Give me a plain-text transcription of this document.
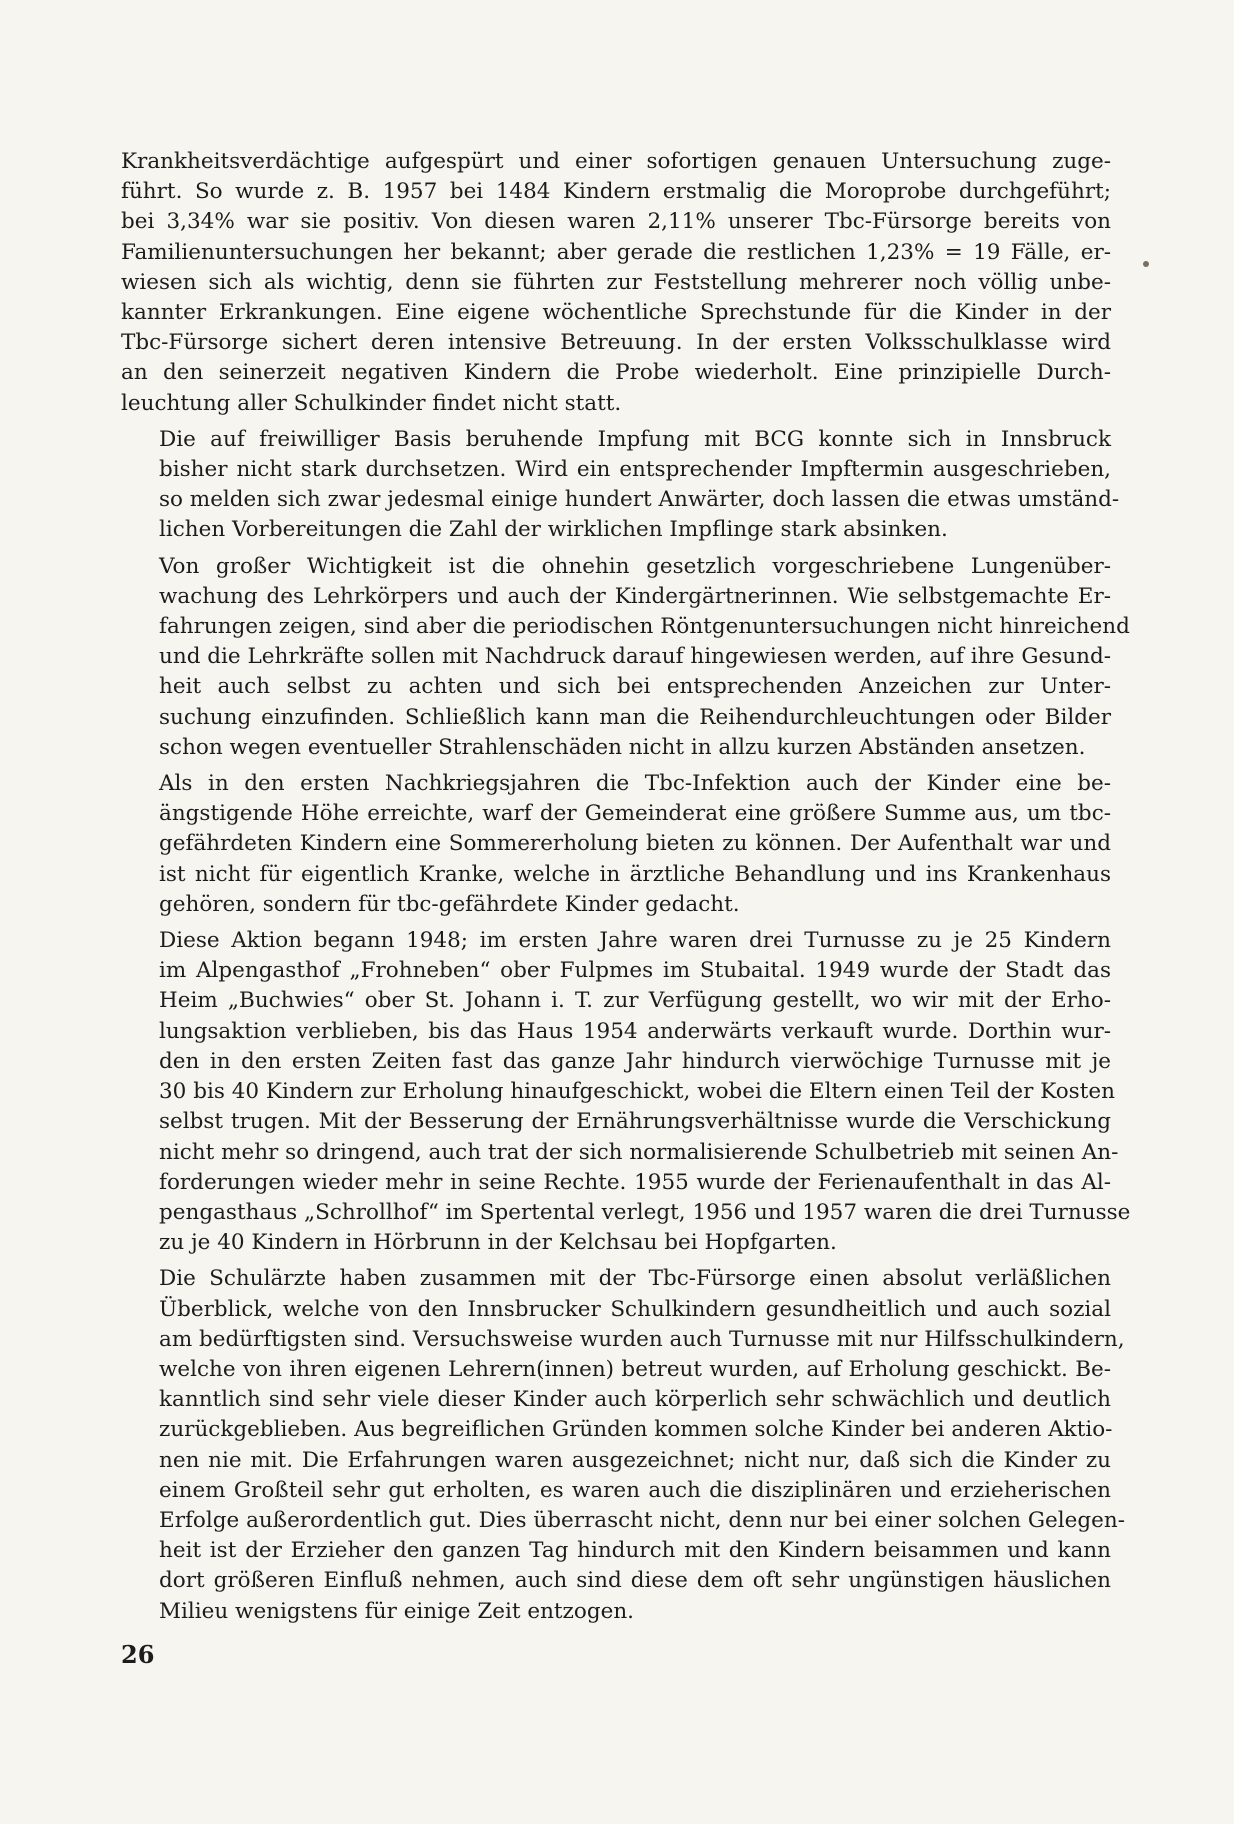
Krankheitsverdächtige aufgespürt und einer sofortigen genauen Untersuchung zuge-
führt. So wurde z. B. 1957 bei 1484 Kindern erstmalig die Moroprobe durchgeführt;
bei 3,34% war sie positiv. Von diesen waren 2,11% unserer Tbc-Fürsorge bereits von
Familienuntersuchungen her bekannt; aber gerade die restlichen 1,23% = 19 Fälle, er-
wiesen sich als wichtig, denn sie führten zur Feststellung mehrerer noch völlig unbe-
kannter Erkrankungen. Eine eigene wöchentliche Sprechstunde für die Kinder in der
Tbc-Fürsorge sichert deren intensive Betreuung. In der ersten Volksschulklasse wird
an den seinerzeit negativen Kindern die Probe wiederholt. Eine prinzipielle Durch-
leuchtung aller Schulkinder findet nicht statt.
Die auf freiwilliger Basis beruhende Impfung mit BCG konnte sich in Innsbruck
bisher nicht stark durchsetzen. Wird ein entsprechender Impftermin ausgeschrieben,
so melden sich zwar jedesmal einige hundert Anwärter, doch lassen die etwas umständ-
lichen Vorbereitungen die Zahl der wirklichen Impflinge stark absinken.
Von großer Wichtigkeit ist die ohnehin gesetzlich vorgeschriebene Lungenüber-
wachung des Lehrkörpers und auch der Kindergärtnerinnen. Wie selbstgemachte Er-
fahrungen zeigen, sind aber die periodischen Röntgenuntersuchungen nicht hinreichend
und die Lehrkräfte sollen mit Nachdruck darauf hingewiesen werden, auf ihre Gesund-
heit auch selbst zu achten und sich bei entsprechenden Anzeichen zur Unter-
suchung einzufinden. Schließlich kann man die Reihendurchleuchtungen oder Bilder
schon wegen eventueller Strahlenschäden nicht in allzu kurzen Abständen ansetzen.
Als in den ersten Nachkriegsjahren die Tbc-Infektion auch der Kinder eine be-
ängstigende Höhe erreichte, warf der Gemeinderat eine größere Summe aus, um tbc-
gefährdeten Kindern eine Sommererholung bieten zu können. Der Aufenthalt war und
ist nicht für eigentlich Kranke, welche in ärztliche Behandlung und ins Krankenhaus
gehören, sondern für tbc-gefährdete Kinder gedacht.
Diese Aktion begann 1948; im ersten Jahre waren drei Turnusse zu je 25 Kindern
im Alpengasthof „Frohneben“ ober Fulpmes im Stubaital. 1949 wurde der Stadt das
Heim „Buchwies“ ober St. Johann i. T. zur Verfügung gestellt, wo wir mit der Erho-
lungsaktion verblieben, bis das Haus 1954 anderwärts verkauft wurde. Dorthin wur-
den in den ersten Zeiten fast das ganze Jahr hindurch vierwöchige Turnusse mit je
30 bis 40 Kindern zur Erholung hinaufgeschickt, wobei die Eltern einen Teil der Kosten
selbst trugen. Mit der Besserung der Ernährungsverhältnisse wurde die Verschickung
nicht mehr so dringend, auch trat der sich normalisierende Schulbetrieb mit seinen An-
forderungen wieder mehr in seine Rechte. 1955 wurde der Ferienaufenthalt in das Al-
pengasthaus „Schrollhof“ im Spertental verlegt, 1956 und 1957 waren die drei Turnusse
zu je 40 Kindern in Hörbrunn in der Kelchsau bei Hopfgarten.
Die Schulärzte haben zusammen mit der Tbc-Fürsorge einen absolut verläßlichen
Überblick, welche von den Innsbrucker Schulkindern gesundheitlich und auch sozial
am bedürftigsten sind. Versuchsweise wurden auch Turnusse mit nur Hilfsschulkindern,
welche von ihren eigenen Lehrern(innen) betreut wurden, auf Erholung geschickt. Be-
kanntlich sind sehr viele dieser Kinder auch körperlich sehr schwächlich und deutlich
zurückgeblieben. Aus begreiflichen Gründen kommen solche Kinder bei anderen Aktio-
nen nie mit. Die Erfahrungen waren ausgezeichnet; nicht nur, daß sich die Kinder zu
einem Großteil sehr gut erholten, es waren auch die disziplinären und erzieherischen
Erfolge außerordentlich gut. Dies überrascht nicht, denn nur bei einer solchen Gelegen-
heit ist der Erzieher den ganzen Tag hindurch mit den Kindern beisammen und kann
dort größeren Einfluß nehmen, auch sind diese dem oft sehr ungünstigen häuslichen
Milieu wenigstens für einige Zeit entzogen.
26
